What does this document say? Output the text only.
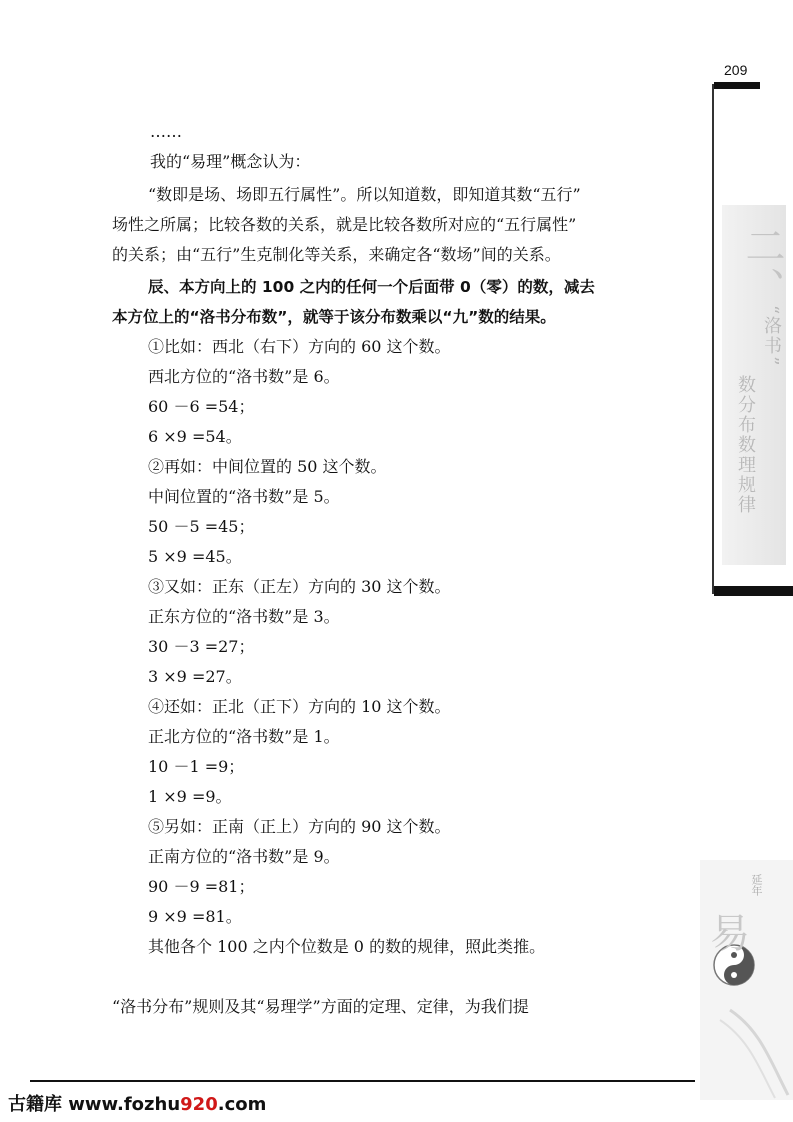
209
二、
“洛书”
数分布数理规律
延年
易
古籍库 www.fozhu920.com
……
我的“易理”概念认为：
“数即是场、场即五行属性”。所以知道数，即知道其数“五行”
场性之所属；比较各数的关系，就是比较各数所对应的“五行属性”
的关系；由“五行”生克制化等关系，来确定各“数场”间的关系。
辰、本方向上的 100 之内的任何一个后面带 0（零）的数，减去
本方位上的“洛书分布数”，就等于该分布数乘以“九”数的结果。
①比如：西北（右下）方向的 60 这个数。
西北方位的“洛书数”是 6。
60 －6 =54；
6 ×9 =54。
②再如：中间位置的 50 这个数。
中间位置的“洛书数”是 5。
50 －5 =45；
5 ×9 =45。
③又如：正东（正左）方向的 30 这个数。
正东方位的“洛书数”是 3。
30 －3 =27；
3 ×9 =27。
④还如：正北（正下）方向的 10 这个数。
正北方位的“洛书数”是 1。
10 －1 =9；
1 ×9 =9。
⑤另如：正南（正上）方向的 90 这个数。
正南方位的“洛书数”是 9。
90 －9 =81；
9 ×9 =81。
其他各个 100 之内个位数是 0 的数的规律，照此类推。
“洛书分布”规则及其“易理学”方面的定理、定律，为我们提
